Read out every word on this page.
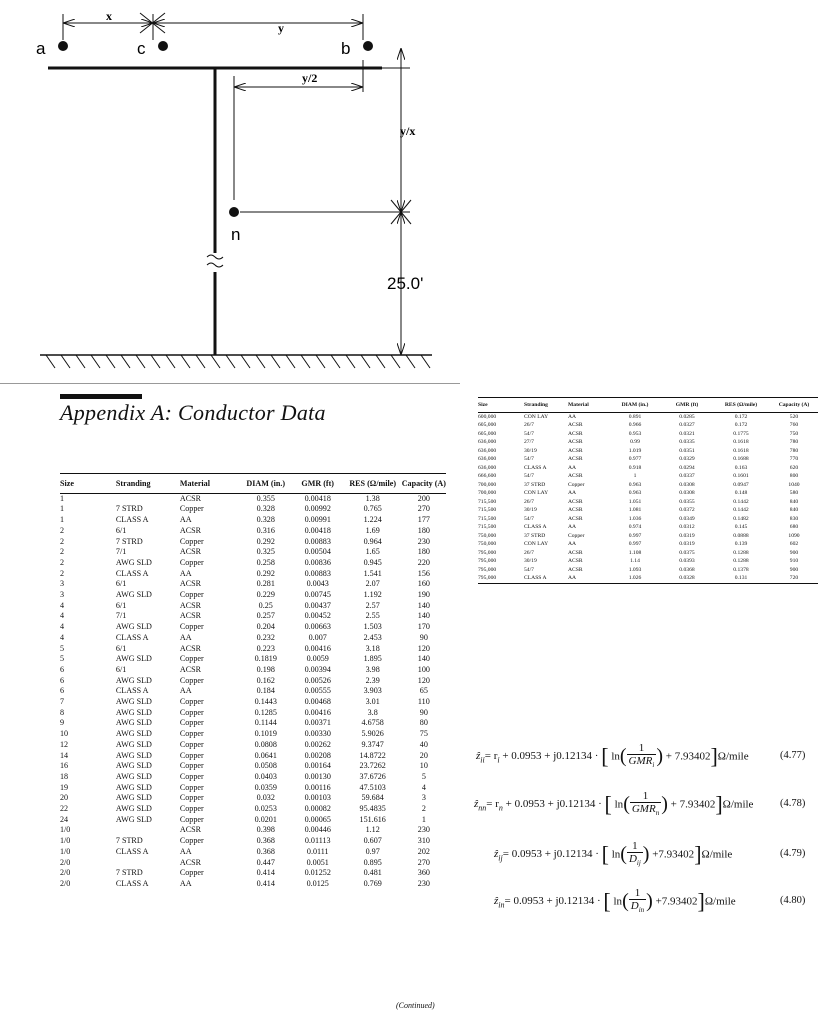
a	c	b
n
x
y
y/2
y/x
25.0'
Appendix A: Conductor Data
Size	Stranding	Material	DIAM (in.)	GMR (ft)	RES (Ω/mile)	Capacity (A)
1		ACSR	0.355	0.00418	1.38	200
1	7 STRD	Copper	0.328	0.00992	0.765	270
1	CLASS A	AA	0.328	0.00991	1.224	177
2	6/1	ACSR	0.316	0.00418	1.69	180
2	7 STRD	Copper	0.292	0.00883	0.964	230
2	7/1	ACSR	0.325	0.00504	1.65	180
2	AWG SLD	Copper	0.258	0.00836	0.945	220
2	CLASS A	AA	0.292	0.00883	1.541	156
3	6/1	ACSR	0.281	0.0043	2.07	160
3	AWG SLD	Copper	0.229	0.00745	1.192	190
4	6/1	ACSR	0.25	0.00437	2.57	140
4	7/1	ACSR	0.257	0.00452	2.55	140
4	AWG SLD	Copper	0.204	0.00663	1.503	170
4	CLASS A	AA	0.232	0.007	2.453	90
5	6/1	ACSR	0.223	0.00416	3.18	120
5	AWG SLD	Copper	0.1819	0.0059	1.895	140
6	6/1	ACSR	0.198	0.00394	3.98	100
6	AWG SLD	Copper	0.162	0.00526	2.39	120
6	CLASS A	AA	0.184	0.00555	3.903	65
7	AWG SLD	Copper	0.1443	0.00468	3.01	110
8	AWG SLD	Copper	0.1285	0.00416	3.8	90
9	AWG SLD	Copper	0.1144	0.00371	4.6758	80
10	AWG SLD	Copper	0.1019	0.00330	5.9026	75
12	AWG SLD	Copper	0.0808	0.00262	9.3747	40
14	AWG SLD	Copper	0.0641	0.00208	14.8722	20
16	AWG SLD	Copper	0.0508	0.00164	23.7262	10
18	AWG SLD	Copper	0.0403	0.00130	37.6726	5
19	AWG SLD	Copper	0.0359	0.00116	47.5103	4
20	AWG SLD	Copper	0.032	0.00103	59.684	3
22	AWG SLD	Copper	0.0253	0.00082	95.4835	2
24	AWG SLD	Copper	0.0201	0.00065	151.616	1
1/0		ACSR	0.398	0.00446	1.12	230
1/0	7 STRD	Copper	0.368	0.01113	0.607	310
1/0	CLASS A	AA	0.368	0.0111	0.97	202
2/0		ACSR	0.447	0.0051	0.895	270
2/0	7 STRD	Copper	0.414	0.01252	0.481	360
2/0	CLASS A	AA	0.414	0.0125	0.769	230
(Continued)
Size	Stranding	Material	DIAM (in.)	GMR (ft)	RES (Ω/mile)	Capacity (A)
600,000	CON LAY	AA	0.891	0.0285	0.172	520
605,000	26/7	ACSR	0.966	0.0327	0.172	760
605,000	54/7	ACSR	0.953	0.0321	0.1775	750
636,000	27/7	ACSR	0.99	0.0335	0.1618	780
636,000	30/19	ACSR	1.019	0.0351	0.1618	780
636,000	54/7	ACSR	0.977	0.0329	0.1688	770
636,000	CLASS A	AA	0.918	0.0294	0.163	620
666,600	54/7	ACSR	1	0.0337	0.1601	800
700,000	37 STRD	Copper	0.963	0.0308	0.0947	1040
700,000	CON LAY	AA	0.963	0.0308	0.148	580
715,500	26/7	ACSR	1.051	0.0355	0.1442	840
715,500	30/19	ACSR	1.081	0.0372	0.1442	840
715,500	54/7	ACSR	1.036	0.0349	0.1482	830
715,500	CLASS A	AA	0.974	0.0312	0.145	680
750,000	37 STRD	Copper	0.997	0.0319	0.0888	1090
750,000	CON LAY	AA	0.997	0.0319	0.139	602
795,000	26/7	ACSR	1.108	0.0375	0.1288	900
795,000	30/19	ACSR	1.14	0.0393	0.1288	910
795,000	54/7	ACSR	1.093	0.0368	0.1378	900
795,000	CLASS A	AA	1.026	0.0328	0.131	720
ẑ$_{ii}$= $r_i + 0.0953 + j0.12134$ · [ ln(	1
$GMR_i$ ) + 7.93402]Ω/mile	(4.77)
ẑ$_{nn}$= $r_n + 0.0953 + j0.12134$ · [ ln(	1
$GMR_n$ ) + 7.93402]Ω/mile	(4.78)
ẑ$_{ij}$= 0.0953 + j0.12134 · [ ln( 1
$D_{ij}$ ) +7.93402]Ω/mile	(4.79)
ẑ$_{in}$= 0.0953 + j0.12134 · [ ln( 1
$D_{in}$ ) +7.93402]Ω/mile	(4.80)
